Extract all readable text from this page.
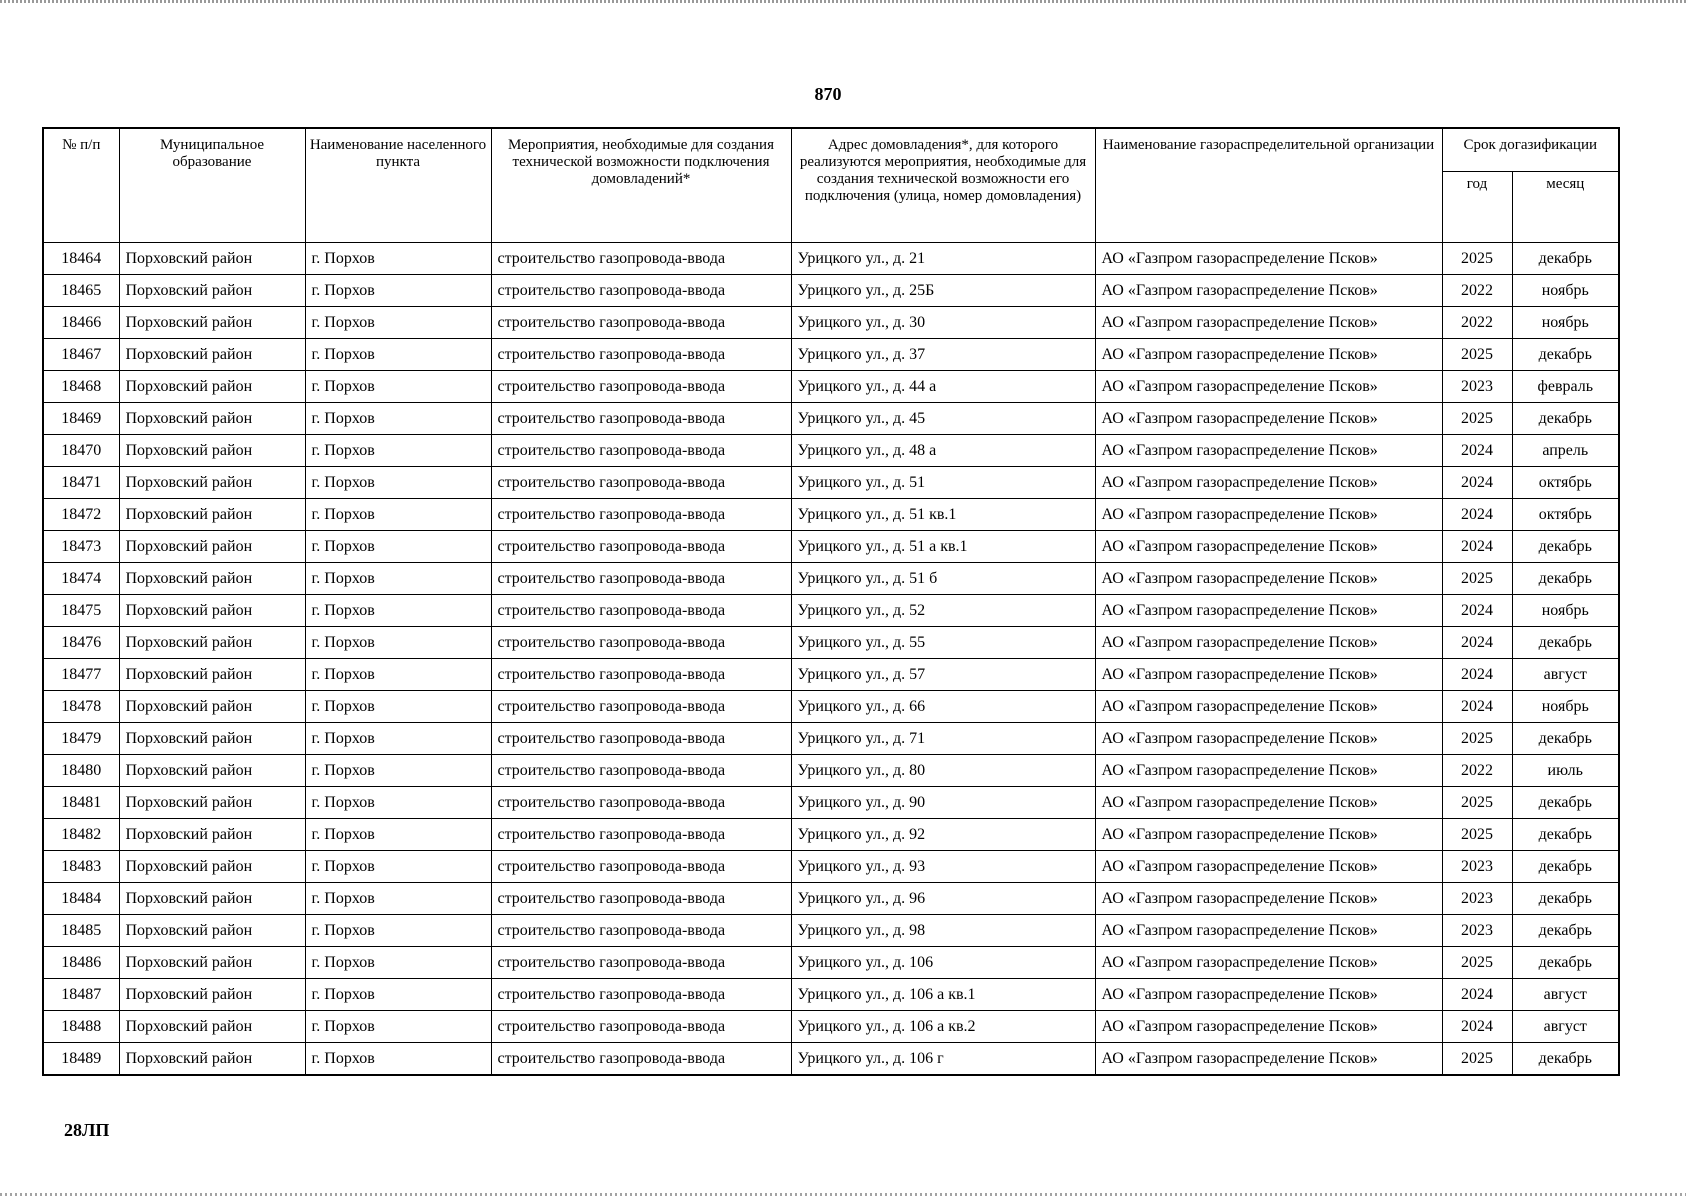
870
№ п/п	Муниципальное образование	Наименование населенного пункта	Мероприятия, необходимые для создания технической возможности подключения домовладений*	Адрес домовладения*, для которого реализуются мероприятия, необходимые для создания технической возможности его подключения (улица, номер домовладения)	Наименование газораспределительной организации	Срок догазификации	
						год	месяц
18464	Порховский район	г. Порхов	строительство газопровода-ввода	Урицкого ул., д. 21	АО «Газпром газораспределение Псков»	2025	декабрь
18465	Порховский район	г. Порхов	строительство газопровода-ввода	Урицкого ул., д. 25Б	АО «Газпром газораспределение Псков»	2022	ноябрь
18466	Порховский район	г. Порхов	строительство газопровода-ввода	Урицкого ул., д. 30	АО «Газпром газораспределение Псков»	2022	ноябрь
18467	Порховский район	г. Порхов	строительство газопровода-ввода	Урицкого ул., д. 37	АО «Газпром газораспределение Псков»	2025	декабрь
18468	Порховский район	г. Порхов	строительство газопровода-ввода	Урицкого ул., д. 44 а	АО «Газпром газораспределение Псков»	2023	февраль
18469	Порховский район	г. Порхов	строительство газопровода-ввода	Урицкого ул., д. 45	АО «Газпром газораспределение Псков»	2025	декабрь
18470	Порховский район	г. Порхов	строительство газопровода-ввода	Урицкого ул., д. 48 а	АО «Газпром газораспределение Псков»	2024	апрель
18471	Порховский район	г. Порхов	строительство газопровода-ввода	Урицкого ул., д. 51	АО «Газпром газораспределение Псков»	2024	октябрь
18472	Порховский район	г. Порхов	строительство газопровода-ввода	Урицкого ул., д. 51 кв.1	АО «Газпром газораспределение Псков»	2024	октябрь
18473	Порховский район	г. Порхов	строительство газопровода-ввода	Урицкого ул., д. 51 а кв.1	АО «Газпром газораспределение Псков»	2024	декабрь
18474	Порховский район	г. Порхов	строительство газопровода-ввода	Урицкого ул., д. 51 б	АО «Газпром газораспределение Псков»	2025	декабрь
18475	Порховский район	г. Порхов	строительство газопровода-ввода	Урицкого ул., д. 52	АО «Газпром газораспределение Псков»	2024	ноябрь
18476	Порховский район	г. Порхов	строительство газопровода-ввода	Урицкого ул., д. 55	АО «Газпром газораспределение Псков»	2024	декабрь
18477	Порховский район	г. Порхов	строительство газопровода-ввода	Урицкого ул., д. 57	АО «Газпром газораспределение Псков»	2024	август
18478	Порховский район	г. Порхов	строительство газопровода-ввода	Урицкого ул., д. 66	АО «Газпром газораспределение Псков»	2024	ноябрь
18479	Порховский район	г. Порхов	строительство газопровода-ввода	Урицкого ул., д. 71	АО «Газпром газораспределение Псков»	2025	декабрь
18480	Порховский район	г. Порхов	строительство газопровода-ввода	Урицкого ул., д. 80	АО «Газпром газораспределение Псков»	2022	июль
18481	Порховский район	г. Порхов	строительство газопровода-ввода	Урицкого ул., д. 90	АО «Газпром газораспределение Псков»	2025	декабрь
18482	Порховский район	г. Порхов	строительство газопровода-ввода	Урицкого ул., д. 92	АО «Газпром газораспределение Псков»	2025	декабрь
18483	Порховский район	г. Порхов	строительство газопровода-ввода	Урицкого ул., д. 93	АО «Газпром газораспределение Псков»	2023	декабрь
18484	Порховский район	г. Порхов	строительство газопровода-ввода	Урицкого ул., д. 96	АО «Газпром газораспределение Псков»	2023	декабрь
18485	Порховский район	г. Порхов	строительство газопровода-ввода	Урицкого ул., д. 98	АО «Газпром газораспределение Псков»	2023	декабрь
18486	Порховский район	г. Порхов	строительство газопровода-ввода	Урицкого ул., д. 106	АО «Газпром газораспределение Псков»	2025	декабрь
18487	Порховский район	г. Порхов	строительство газопровода-ввода	Урицкого ул., д. 106 а кв.1	АО «Газпром газораспределение Псков»	2024	август
18488	Порховский район	г. Порхов	строительство газопровода-ввода	Урицкого ул., д. 106 а кв.2	АО «Газпром газораспределение Псков»	2024	август
18489	Порховский район	г. Порхов	строительство газопровода-ввода	Урицкого ул., д. 106 г	АО «Газпром газораспределение Псков»	2025	декабрь
28ЛП
